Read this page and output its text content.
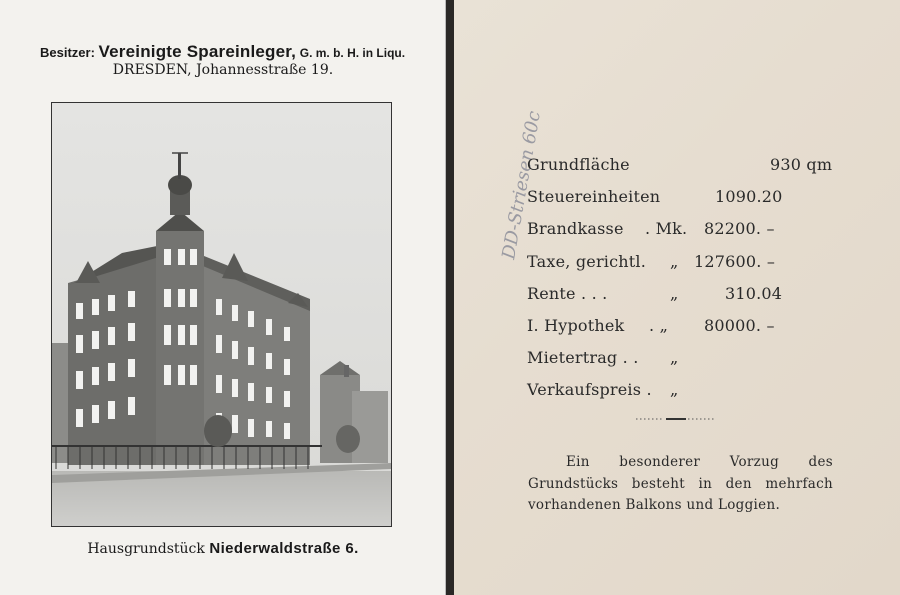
Besitzer: Vereinigte Spareinleger, G. m. b. H. in Liqu.
DRESDEN, Johannesstraße 19.
Hausgrundstück Niederwaldstraße 6.
DD-Striesen 60c
Grundfläche	930 qm
Steuereinheiten	1090.20
Brandkasse . Mk. 82200. –
Taxe, gerichtl. „ 127600. –
Rente . . .	„	310.04
I. Hypothek . „ 80000. –
Mietertrag . . „
Verkaufspreis . „
Ein besonderer Vorzug des Grundstücks besteht in den mehrfach vorhandenen Balkons und Loggien.
